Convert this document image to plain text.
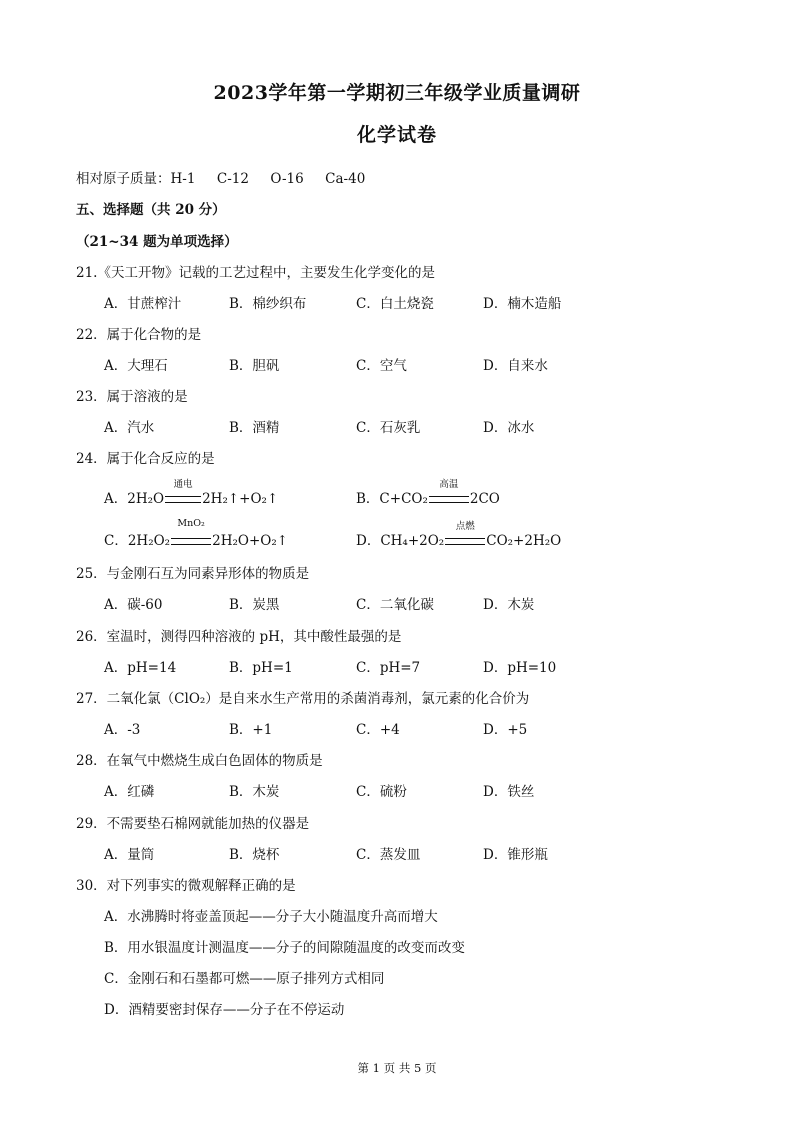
2023学年第一学期初三年级学业质量调研
化学试卷
相对原子质量：H-1     C-12     O-16     Ca-40
五、选择题（共 20 分）
（21~34 题为单项选择）
21.《天工开物》记载的工艺过程中，主要发生化学变化的是
A．甘蔗榨汁	B．棉纱织布	C．白土烧瓷	D．楠木造船
22．属于化合物的是
A．大理石	B．胆矾	C．空气	D．自来水
23．属于溶液的是
A．汽水	B．酒精	C．石灰乳	D．冰水
24．属于化合反应的是
A．2H₂O
通电
2H₂↑+O₂↑	B．C+CO₂
高温
2CO
C．2H₂O₂
MnO₂
2H₂O+O₂↑	D．CH₄+2O₂
点燃
CO₂+2H₂O
25．与金刚石互为同素异形体的物质是
A．碳-60	B．炭黑	C．二氧化碳	D．木炭
26．室温时，测得四种溶液的 pH，其中酸性最强的是
A．pH=14	B．pH=1	C．pH=7	D．pH=10
27．二氧化氯（ClO₂）是自来水生产常用的杀菌消毒剂，氯元素的化合价为
A．-3	B．+1	C．+4	D．+5
28．在氧气中燃烧生成白色固体的物质是
A．红磷	B．木炭	C．硫粉	D．铁丝
29．不需要垫石棉网就能加热的仪器是
A．量筒	B．烧杯	C．蒸发皿	D．锥形瓶
30．对下列事实的微观解释正确的是
A．水沸腾时将壶盖顶起——分子大小随温度升高而增大
B．用水银温度计测温度——分子的间隙随温度的改变而改变
C．金刚石和石墨都可燃——原子排列方式相同
D．酒精要密封保存——分子在不停运动
第 1 页 共 5 页
